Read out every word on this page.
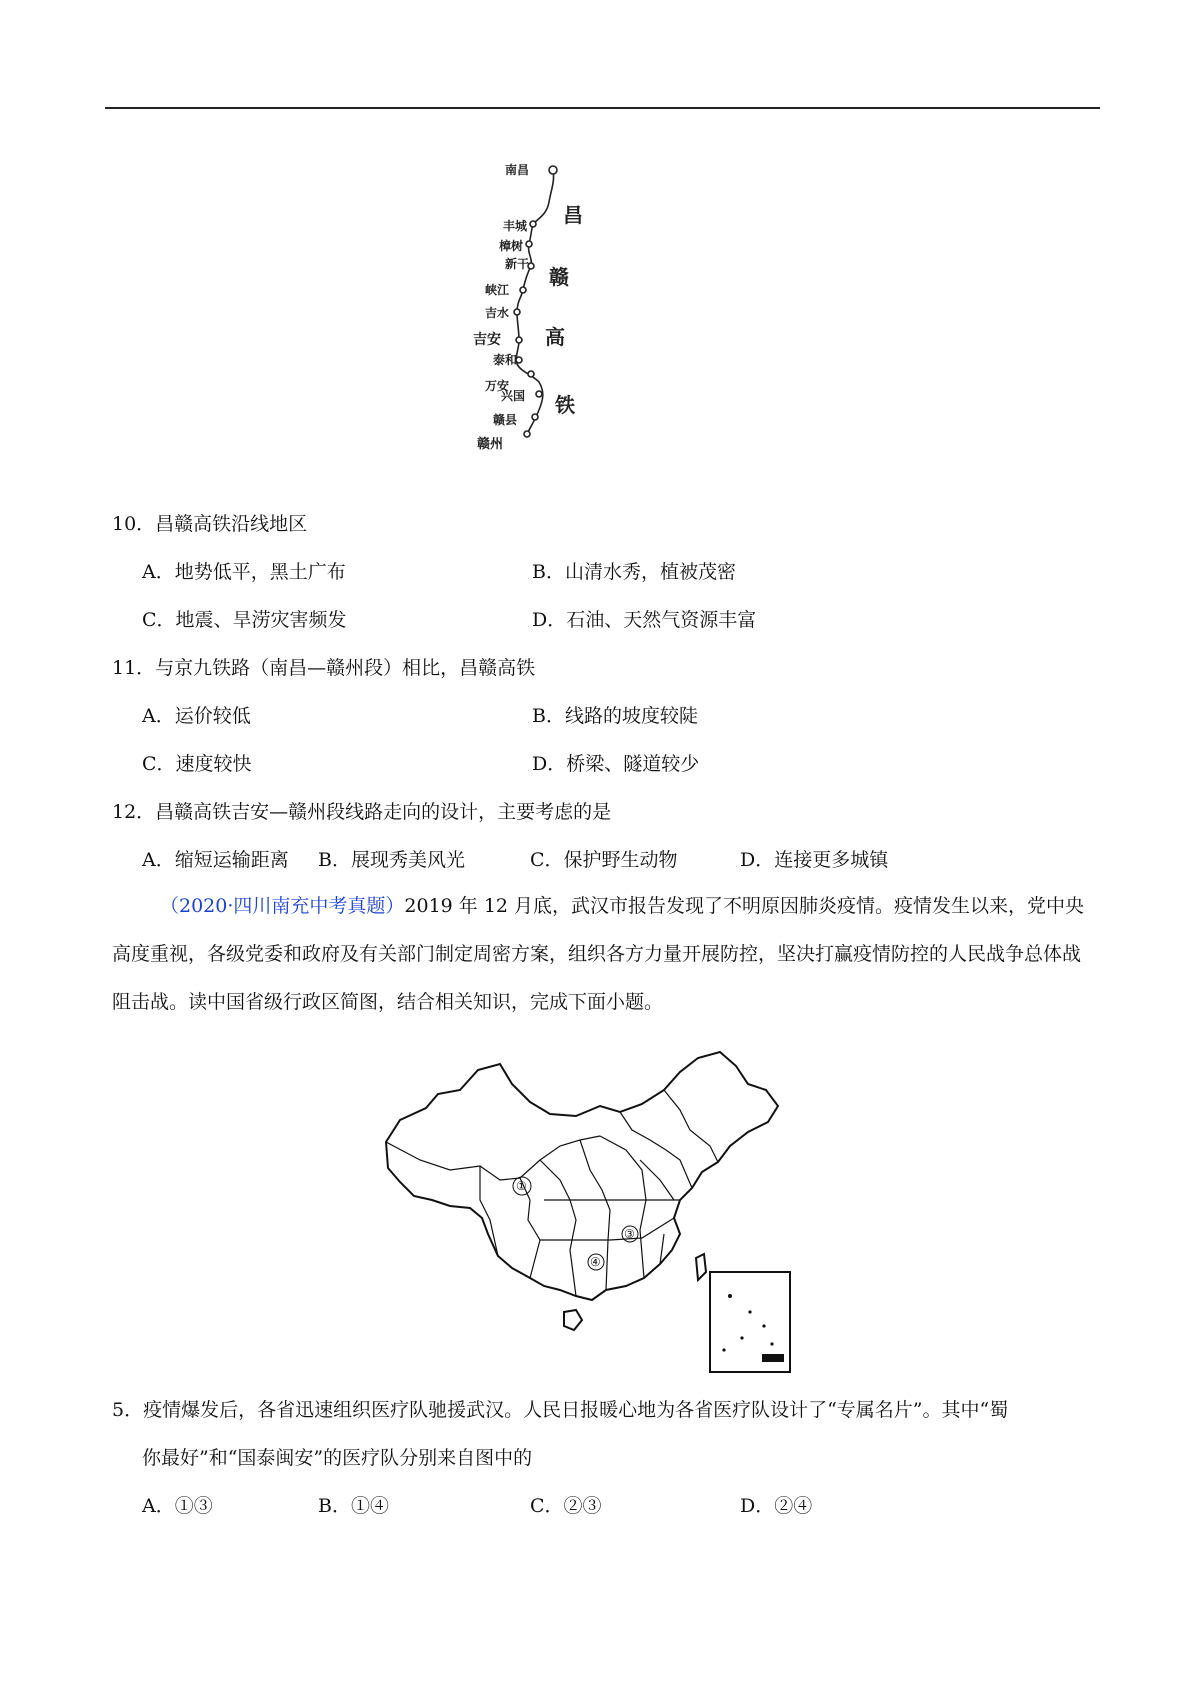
南昌
丰城
樟树
新干
峡江
吉水
吉安
泰和
万安
兴国
赣县
赣州
昌
赣
高
铁
10．昌赣高铁沿线地区
A．地势低平，黑土广布	B．山清水秀，植被茂密
C．地震、旱涝灾害频发	D．石油、天然气资源丰富
11．与京九铁路（南昌—赣州段）相比，昌赣高铁
A．运价较低	B．线路的坡度较陡
C．速度较快	D．桥梁、隧道较少
12．昌赣高铁吉安—赣州段线路走向的设计，主要考虑的是
A．缩短运输距离 B．展现秀美风光	C．保护野生动物	D．连接更多城镇
（2020·四川南充中考真题）2019 年 12 月底，武汉市报告发现了不明原因肺炎疫情。疫情发生以来，党中央高度重视，各级党委和政府及有关部门制定周密方案，组织各方力量开展防控，坚决打赢疫情防控的人民战争总体战阻击战。读中国省级行政区简图，结合相关知识，完成下面小题。
①
④
③
5．疫情爆发后，各省迅速组织医疗队驰援武汉。人民日报暖心地为各省医疗队设计了“专属名片”。其中“蜀
你最好”和“国泰闽安”的医疗队分别来自图中的
A．①③	B．①④	C．②③	D．②④
